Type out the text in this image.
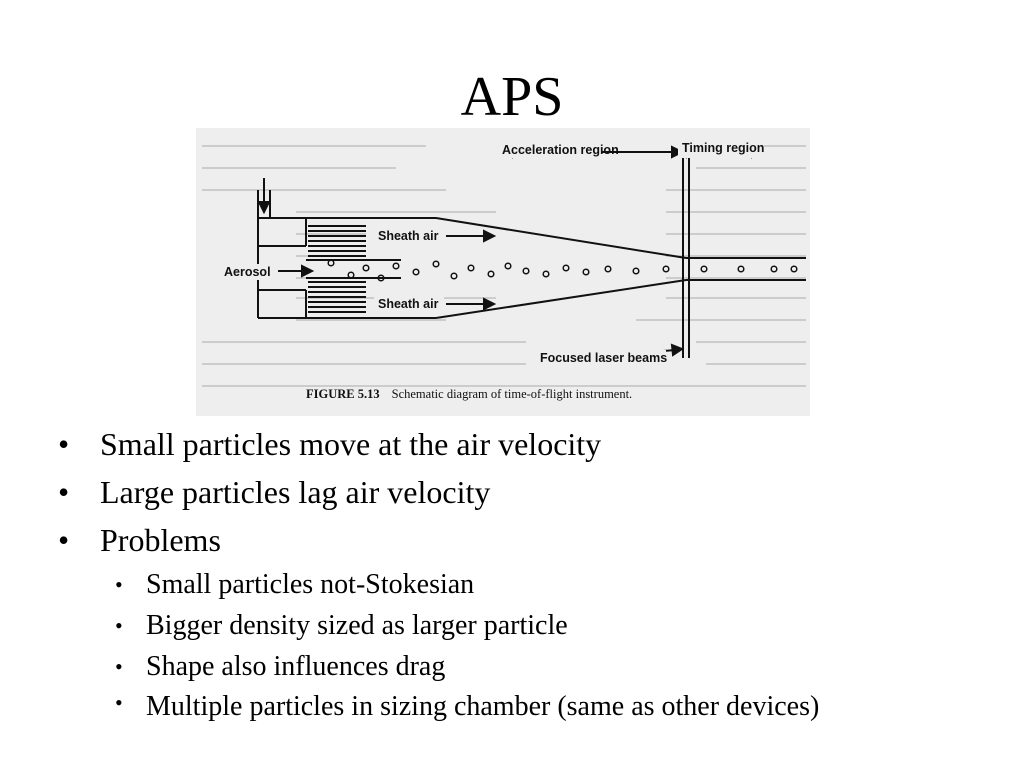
APS
Acceleration region	Timing region
Sheath air
Sheath air
Aerosol
Focused laser beams
FIGURE 5.13 Schematic diagram of time-of-flight instrument.
• Small particles move at the air velocity
• Large particles lag air velocity
• Problems
• Small particles not-Stokesian
• Bigger density sized as larger particle
• Shape also influences drag
• Multiple particles in sizing chamber (same as other devices)
